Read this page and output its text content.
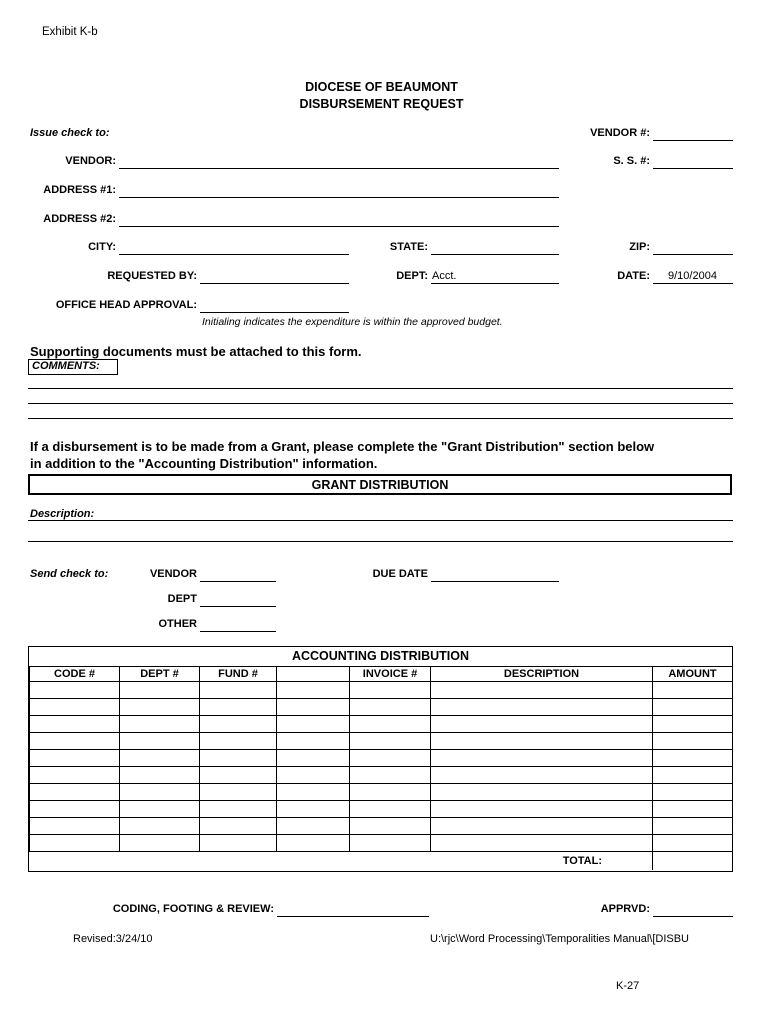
Exhibit K-b
DIOCESE OF BEAUMONT
DISBURSEMENT REQUEST
Issue check to:	VENDOR #:
VENDOR:	S. S. #:
ADDRESS #1:
ADDRESS #2:
CITY:	STATE:	ZIP:
REQUESTED BY:	DEPT: Acct.	DATE: 9/10/2004
OFFICE HEAD APPROVAL:
Initialing indicates the expenditure is within the approved budget.
Supporting documents must be attached to this form.
COMMENTS:
If a disbursement is to be made from a Grant, please complete the "Grant Distribution" section below
in addition to the "Accounting Distribution" information.
GRANT DISTRIBUTION
Description:
Send check to:	VENDOR	DUE DATE
DEPT
OTHER
ACCOUNTING DISTRIBUTION
CODE #	DEPT #	FUND #		INVOICE #	DESCRIPTION	AMOUNT

TOTAL:						
CODING, FOOTING & REVIEW:	APPRVD:
Revised:3/24/10	U:\rjc\Word Processing\Temporalities Manual\[DISBU
K-27
